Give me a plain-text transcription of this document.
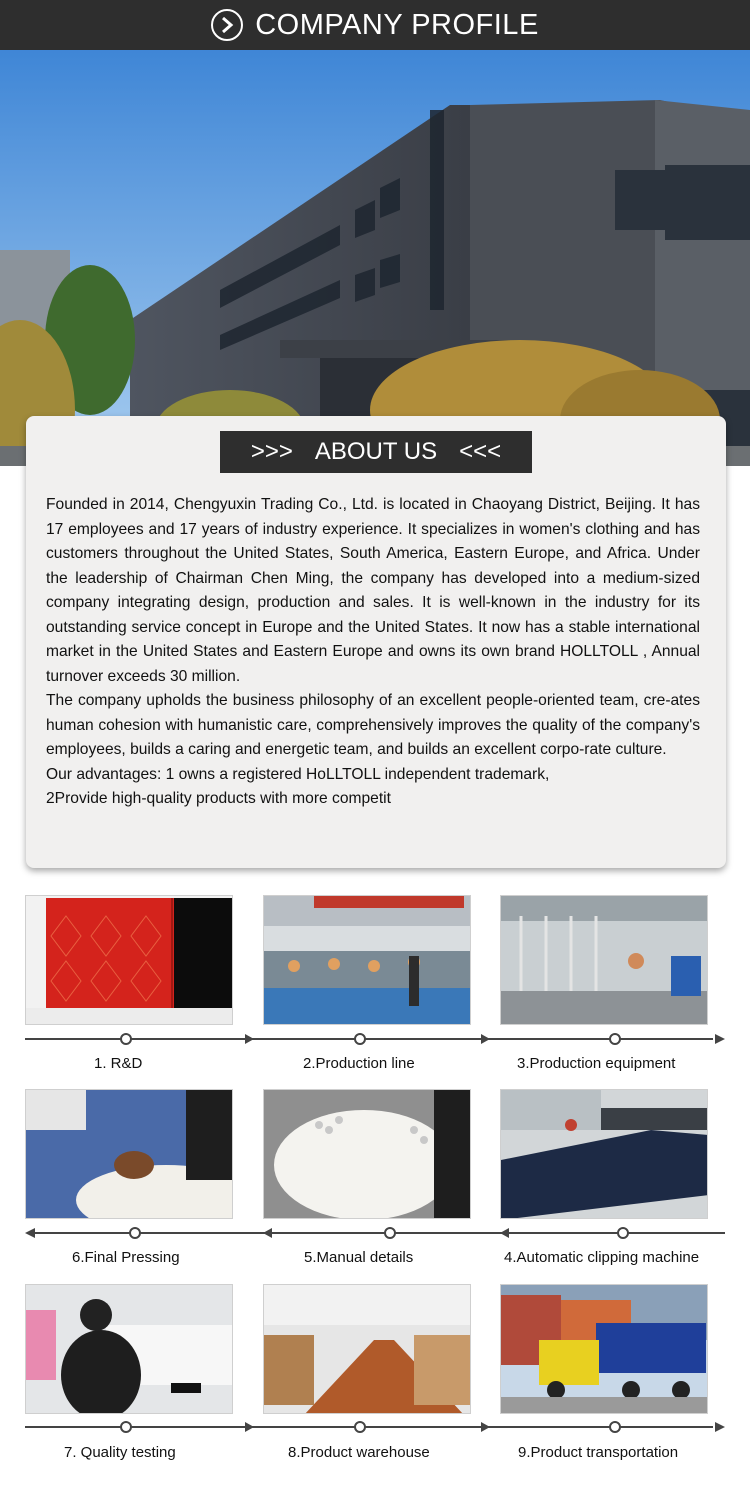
COMPANY PROFILE
>>> ABOUT US <<<

Founded in 2014, Chengyuxin Trading Co., Ltd. is located in Chaoyang District, Beijing. It has 17 employees and 17 years of industry experience. It specializes in women's clothing and has customers throughout the United States, South America, Eastern Europe, and Africa. Under the leadership of Chairman Chen Ming, the company has developed into a medium-sized company integrating design, production and sales. It is well-known in the industry for its outstanding service concept in Europe and the United States. It now has a stable international market in the United States and Eastern Europe and owns its own brand HOLLTOLL , Annual turnover exceeds 30 million.

The company upholds the business philosophy of an excellent people-oriented team, cre-ates human cohesion with humanistic care, comprehensively improves the quality of the company's employees, builds a caring and energetic team, and builds an excellent corpo-rate culture.

Our advantages: 1 owns a registered HoLLTOLL independent trademark,

2Provide high-quality products with more competit

1. R&D	2.Production line	3.Production equipment
6.Final Pressing	5.Manual details	4.Automatic clipping machine
7. Quality testing	8.Product warehouse	9.Product transportation
